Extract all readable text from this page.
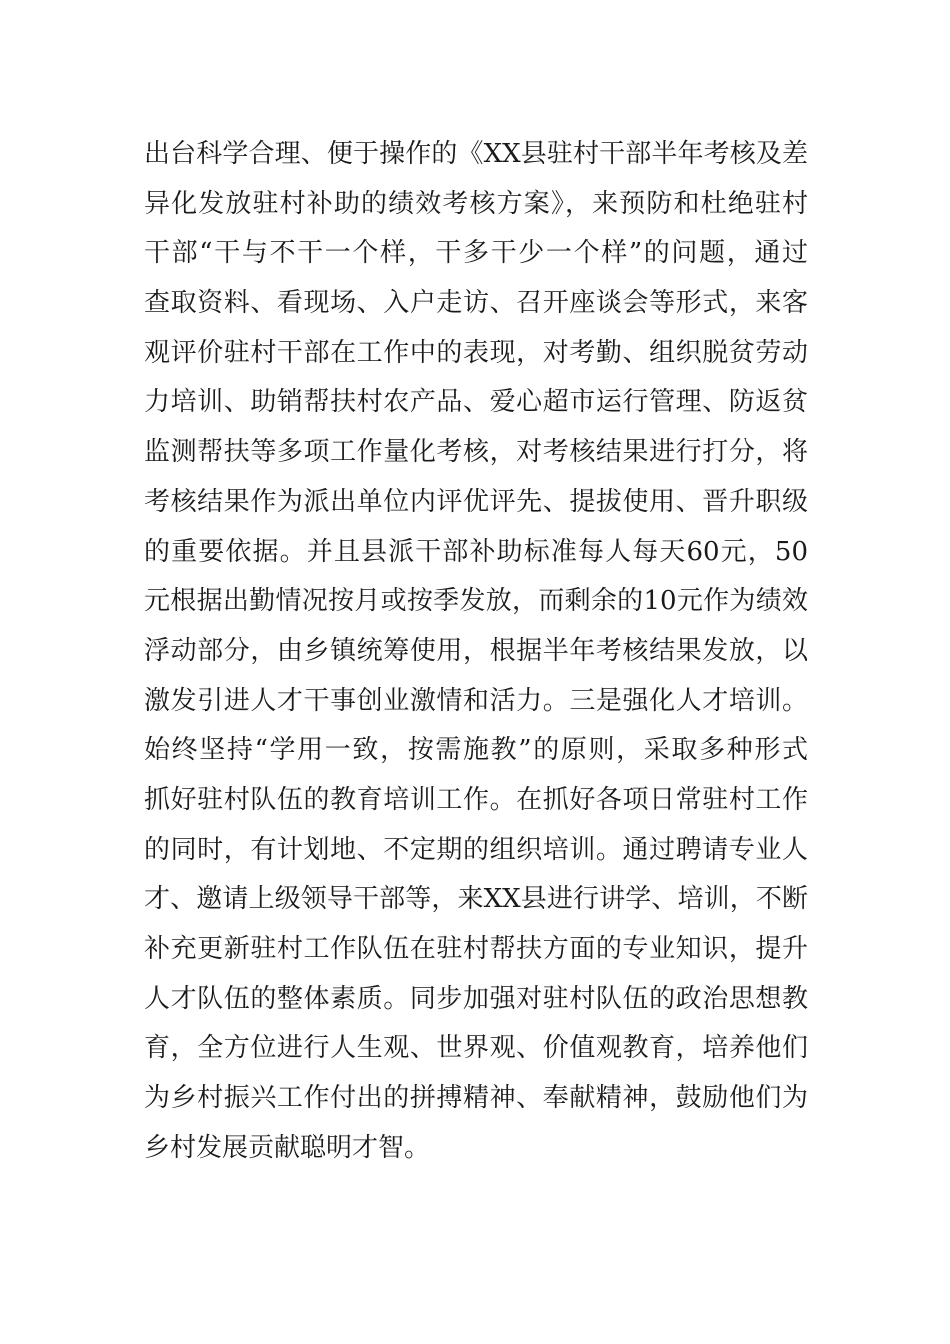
出台科学合理、便于操作的《XX县驻村干部半年考核及差
异化发放驻村补助的绩效考核方案》，来预防和杜绝驻村
干部“干与不干一个样，干多干少一个样”的问题，通过
查取资料、看现场、入户走访、召开座谈会等形式，来客
观评价驻村干部在工作中的表现，对考勤、组织脱贫劳动
力培训、助销帮扶村农产品、爱心超市运行管理、防返贫
监测帮扶等多项工作量化考核，对考核结果进行打分，将
考核结果作为派出单位内评优评先、提拔使用、晋升职级
的重要依据。并且县派干部补助标准每人每天60元，50
元根据出勤情况按月或按季发放，而剩余的10元作为绩效
浮动部分，由乡镇统筹使用，根据半年考核结果发放，以
激发引进人才干事创业激情和活力。三是强化人才培训。
始终坚持“学用一致，按需施教”的原则，采取多种形式
抓好驻村队伍的教育培训工作。在抓好各项日常驻村工作
的同时，有计划地、不定期的组织培训。通过聘请专业人
才、邀请上级领导干部等，来XX县进行讲学、培训，不断
补充更新驻村工作队伍在驻村帮扶方面的专业知识，提升
人才队伍的整体素质。同步加强对驻村队伍的政治思想教
育，全方位进行人生观、世界观、价值观教育，培养他们
为乡村振兴工作付出的拼搏精神、奉献精神，鼓励他们为
乡村发展贡献聪明才智。
